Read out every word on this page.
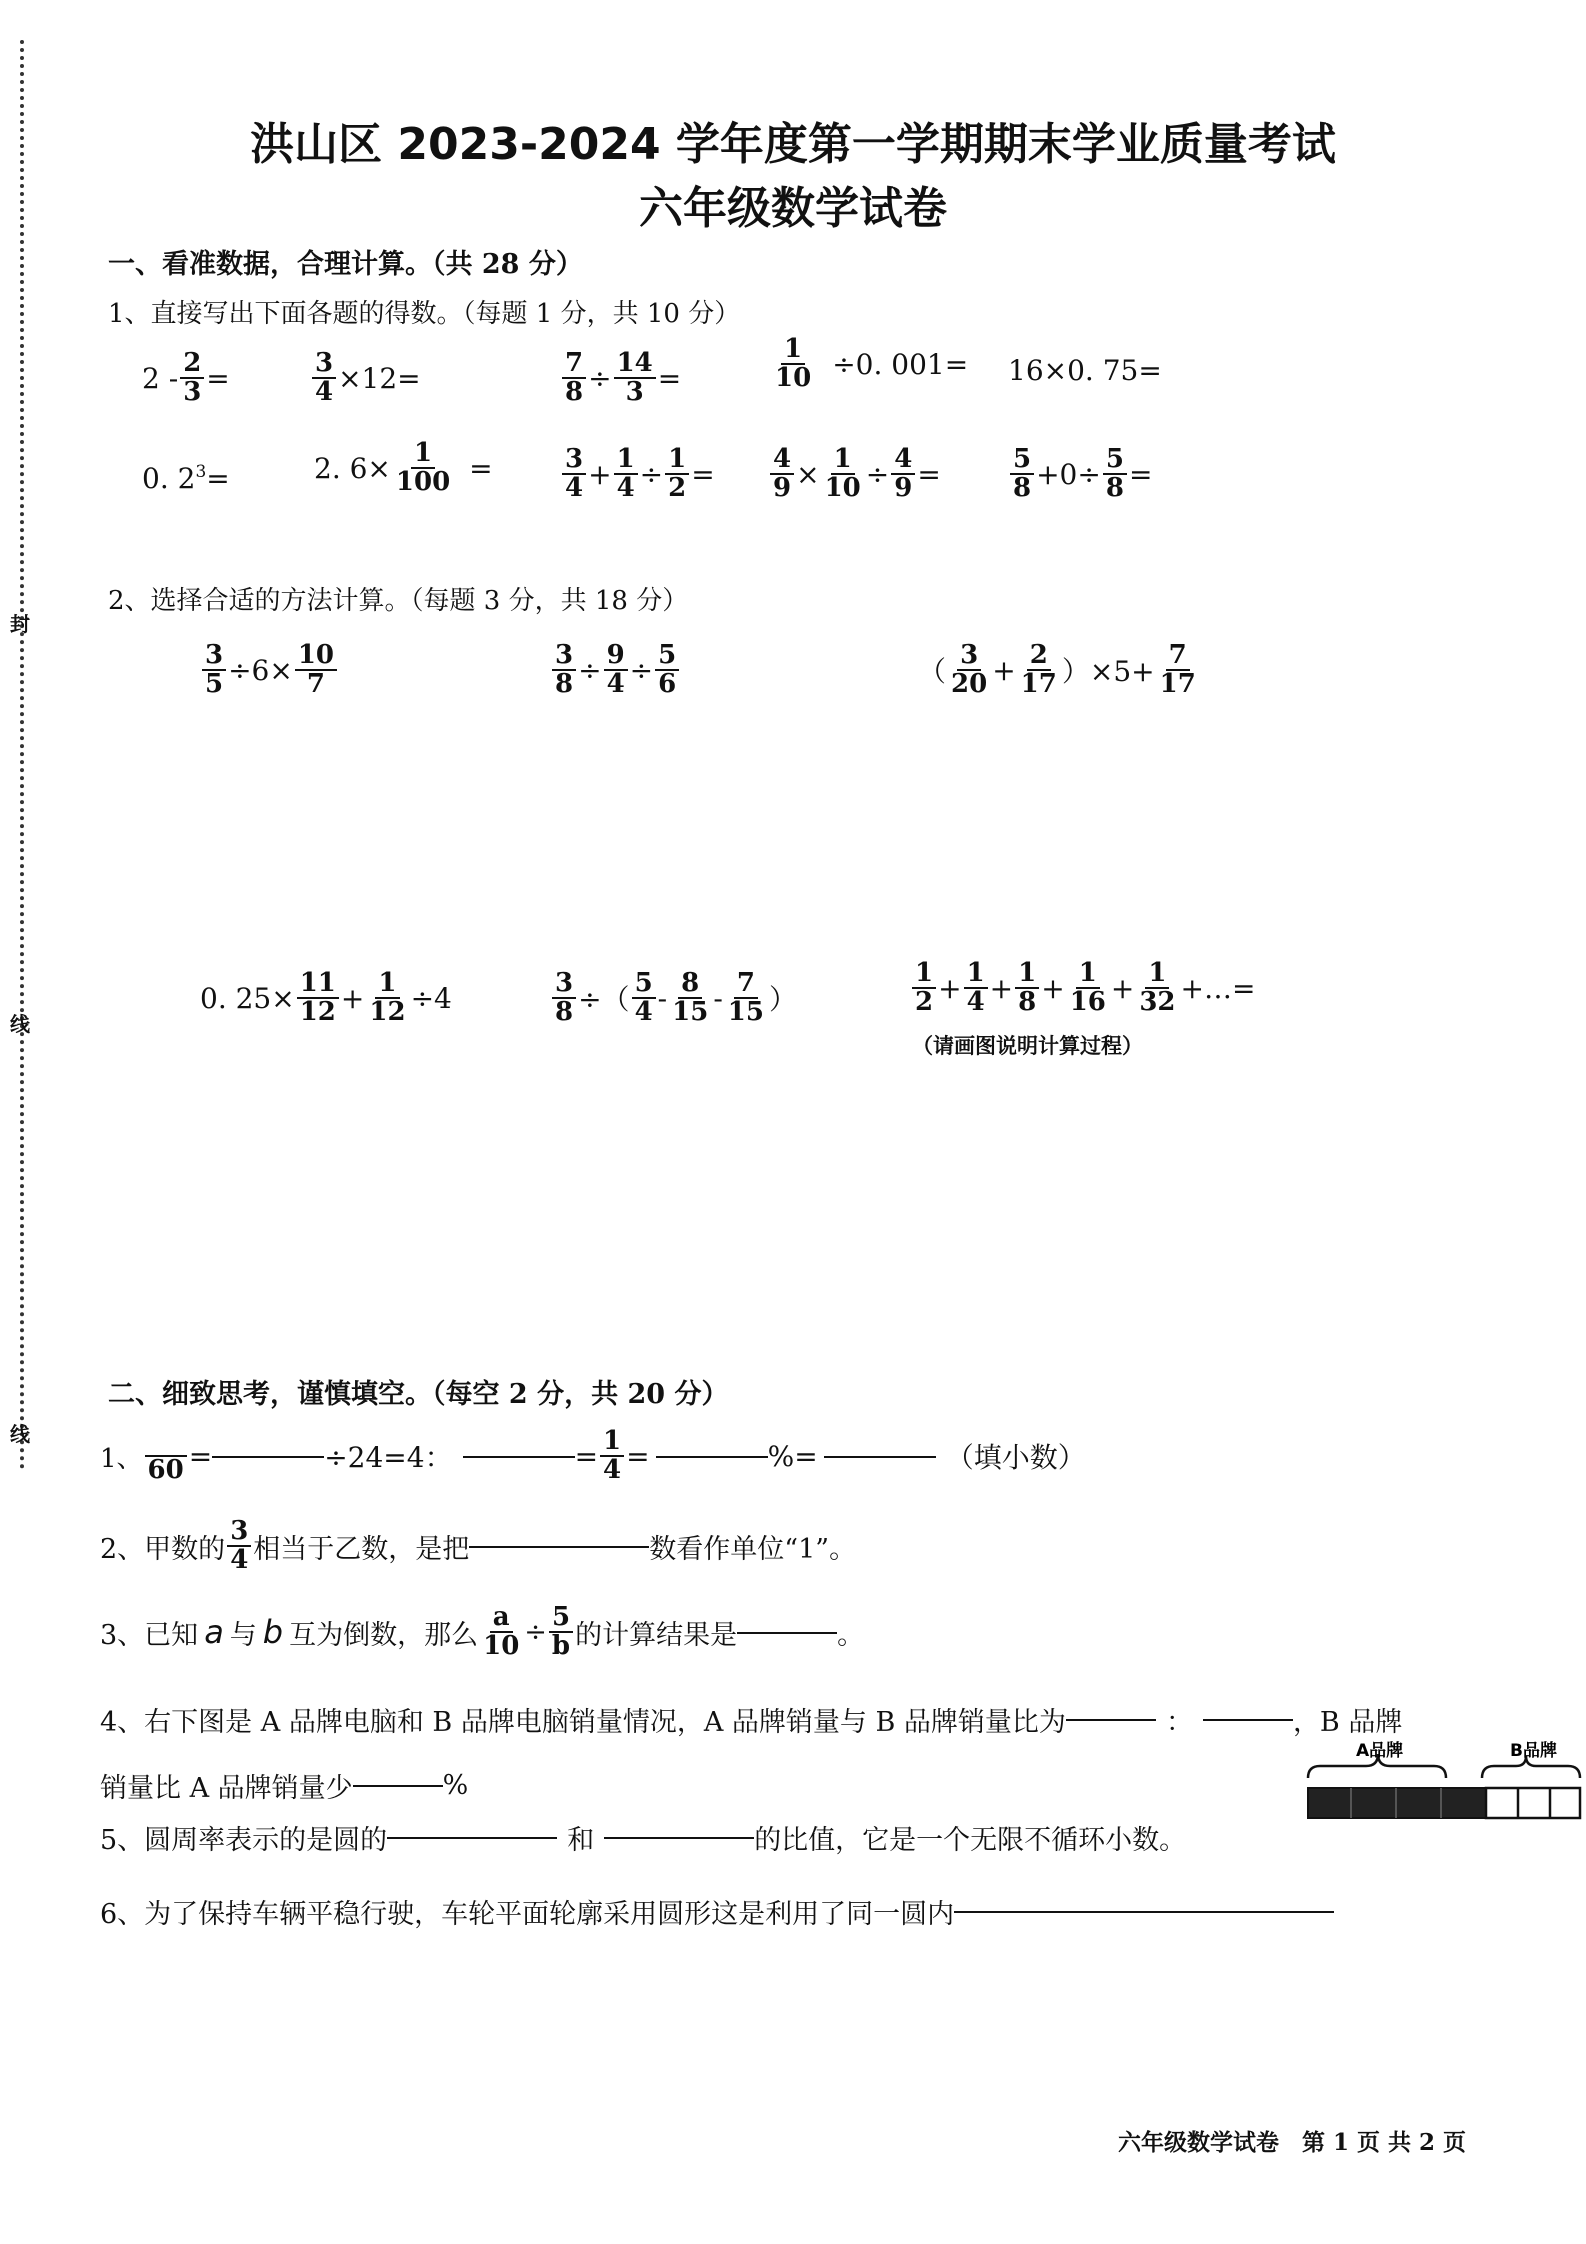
封
线
线
洪山区 2023-2024 学年度第一学期期末学业质量考试
六年级数学试卷
一、看准数据，合理计算。（共 28 分）
1、直接写出下面各题的得数。（每题 1 分，共 10 分）
$2 - \frac{2}{3}$ =	$\frac{3}{4} \times 12=$	$\frac{7}{8} \div \frac{14}{3}$ =	$\frac{1}{10} \div 0$. 001= 16×0. 75=
0. $2^3$ =	2. $6\times \frac{1}{100}$ =	3
$4 + \frac{1}{4} \div \frac{1}{2} = \frac{4}{9} \times \frac{1}{10} \div \frac{4}{9}$ =	5
$8 +0\div \frac{5}{8}$ =
2、选择合适的方法计算。（每题 3 分，共 18 分）
$\frac{3}{5} \div 6\times \frac{10}{7}$	$\frac{3}{8} \div \frac{9}{4} \div \frac{5}{6}$	（
3
$20 + \frac{2}{17} )\times 5+ \frac{7}{17}$
0. $25\times \frac{11}{12} + \frac{1}{12} \div 4$	$\frac{3}{8}$ ÷（
5
4 - 8
15 - 7
15 ）
1
$2 + \frac{1}{4} + \frac{1}{8} + \frac{1}{16} + \frac{1}{32}$ +…=
（请画图说明计算过程）
二、细致思考，谨慎填空。（每空 2 分，共 20 分）
1、 60 =	÷24=4：	= $\frac{1}{4}$ =	%=	（填小数）
2、甲数的
3
4 相当于乙数，是把	数看作单位“1”。
3、已知 a 与 b 互为倒数，那么 $\frac{a}{10} \div \frac{5}{b}$ 的计算结果是	。
4、右下图是 A 品牌电脑和 B 品牌电脑销量情况，A 品牌销量与 B 品牌销量比为	：	，B 品牌
销量比 A 品牌销量少	%
5、圆周率表示的是圆的	和	的比值，它是一个无限不循环小数。
6、为了保持车辆平稳行驶，车轮平面轮廓采用圆形这是利用了同一圆内
A品牌	B品牌
六年级数学试卷　第 1 页 共 2 页
